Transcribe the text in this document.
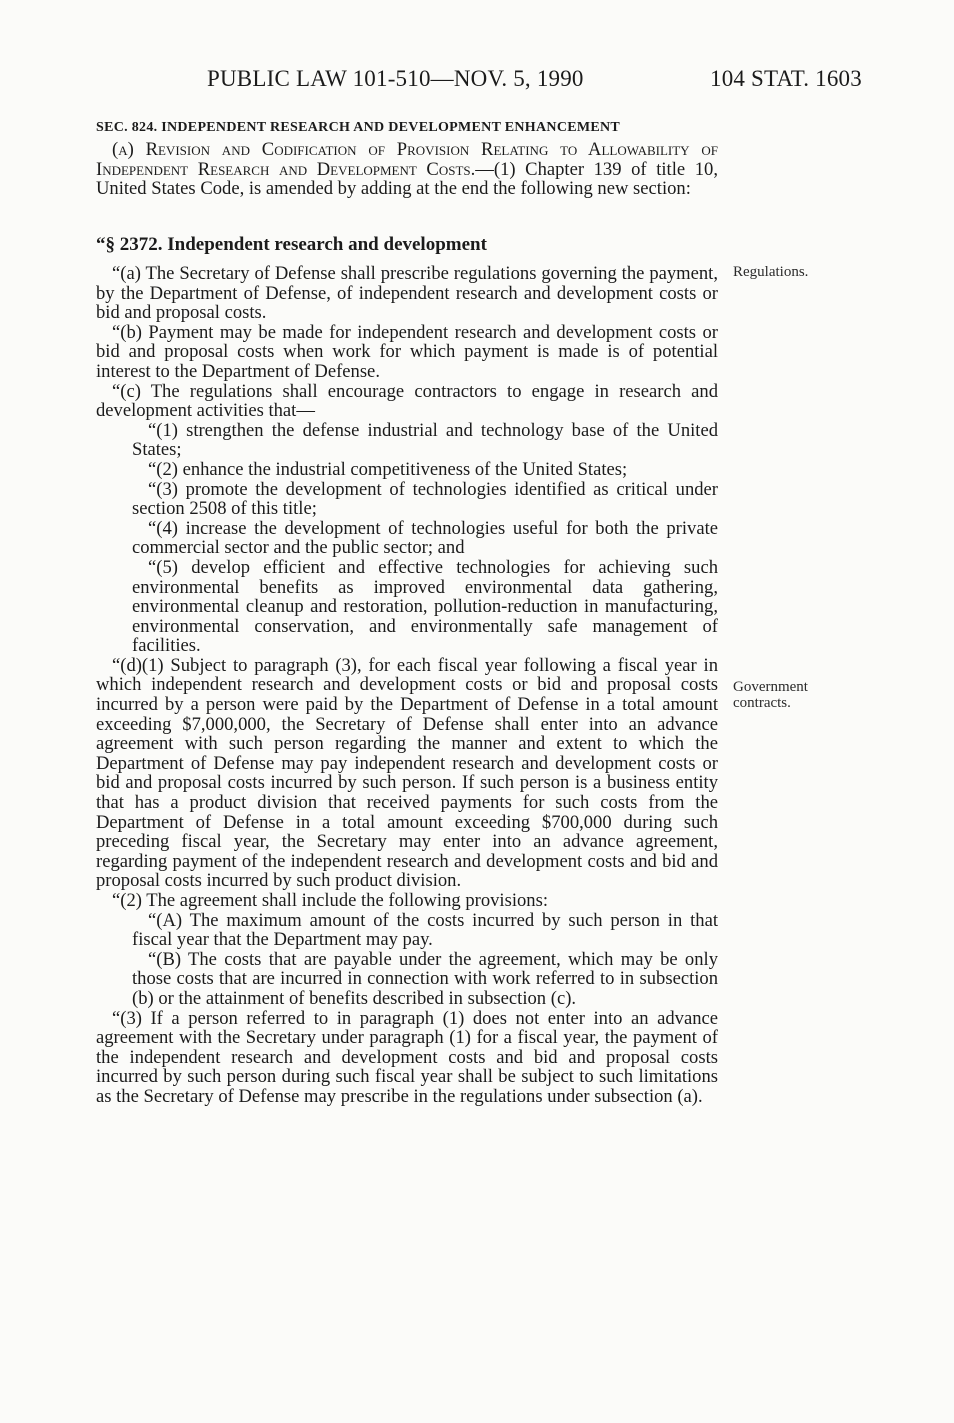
PUBLIC LAW 101-510—NOV. 5, 1990	104 STAT. 1603
SEC. 824. INDEPENDENT RESEARCH AND DEVELOPMENT ENHANCEMENT

(a) Revision and Codification of Provision Relating to Allowability of Independent Research and Development Costs.—(1) Chapter 139 of title 10, United States Code, is amended by adding at the end the following new section:

“§ 2372. Independent research and development

“(a) The Secretary of Defense shall prescribe regulations governing the payment, by the Department of Defense, of independent research and development costs or bid and proposal costs.

“(b) Payment may be made for independent research and development costs or bid and proposal costs when work for which payment is made is of potential interest to the Department of Defense.

“(c) The regulations shall encourage contractors to engage in research and development activities that—

“(1) strengthen the defense industrial and technology base of the United States;

“(2) enhance the industrial competitiveness of the United States;

“(3) promote the development of technologies identified as critical under section 2508 of this title;

“(4) increase the development of technologies useful for both the private commercial sector and the public sector; and

“(5) develop efficient and effective technologies for achieving such environmental benefits as improved environmental data gathering, environmental cleanup and restoration, pollution-reduction in manufacturing, environmental conservation, and environmentally safe management of facilities.

“(d)(1) Subject to paragraph (3), for each fiscal year following a fiscal year in which independent research and development costs or bid and proposal costs incurred by a person were paid by the Department of Defense in a total amount exceeding $7,000,000, the Secretary of Defense shall enter into an advance agreement with such person regarding the manner and extent to which the Department of Defense may pay independent research and development costs or bid and proposal costs incurred by such person. If such person is a business entity that has a product division that received payments for such costs from the Department of Defense in a total amount exceeding $700,000 during such preceding fiscal year, the Secretary may enter into an advance agreement, regarding payment of the independent research and development costs and bid and proposal costs incurred by such product division.

“(2) The agreement shall include the following provisions:

“(A) The maximum amount of the costs incurred by such person in that fiscal year that the Department may pay.

“(B) The costs that are payable under the agreement, which may be only those costs that are incurred in connection with work referred to in subsection (b) or the attainment of benefits described in subsection (c).

“(3) If a person referred to in paragraph (1) does not enter into an advance agreement with the Secretary under paragraph (1) for a fiscal year, the payment of the independent research and development costs and bid and proposal costs incurred by such person during such fiscal year shall be subject to such limitations as the Secretary of Defense may prescribe in the regulations under subsection (a).

Regulations.
Government contracts.
